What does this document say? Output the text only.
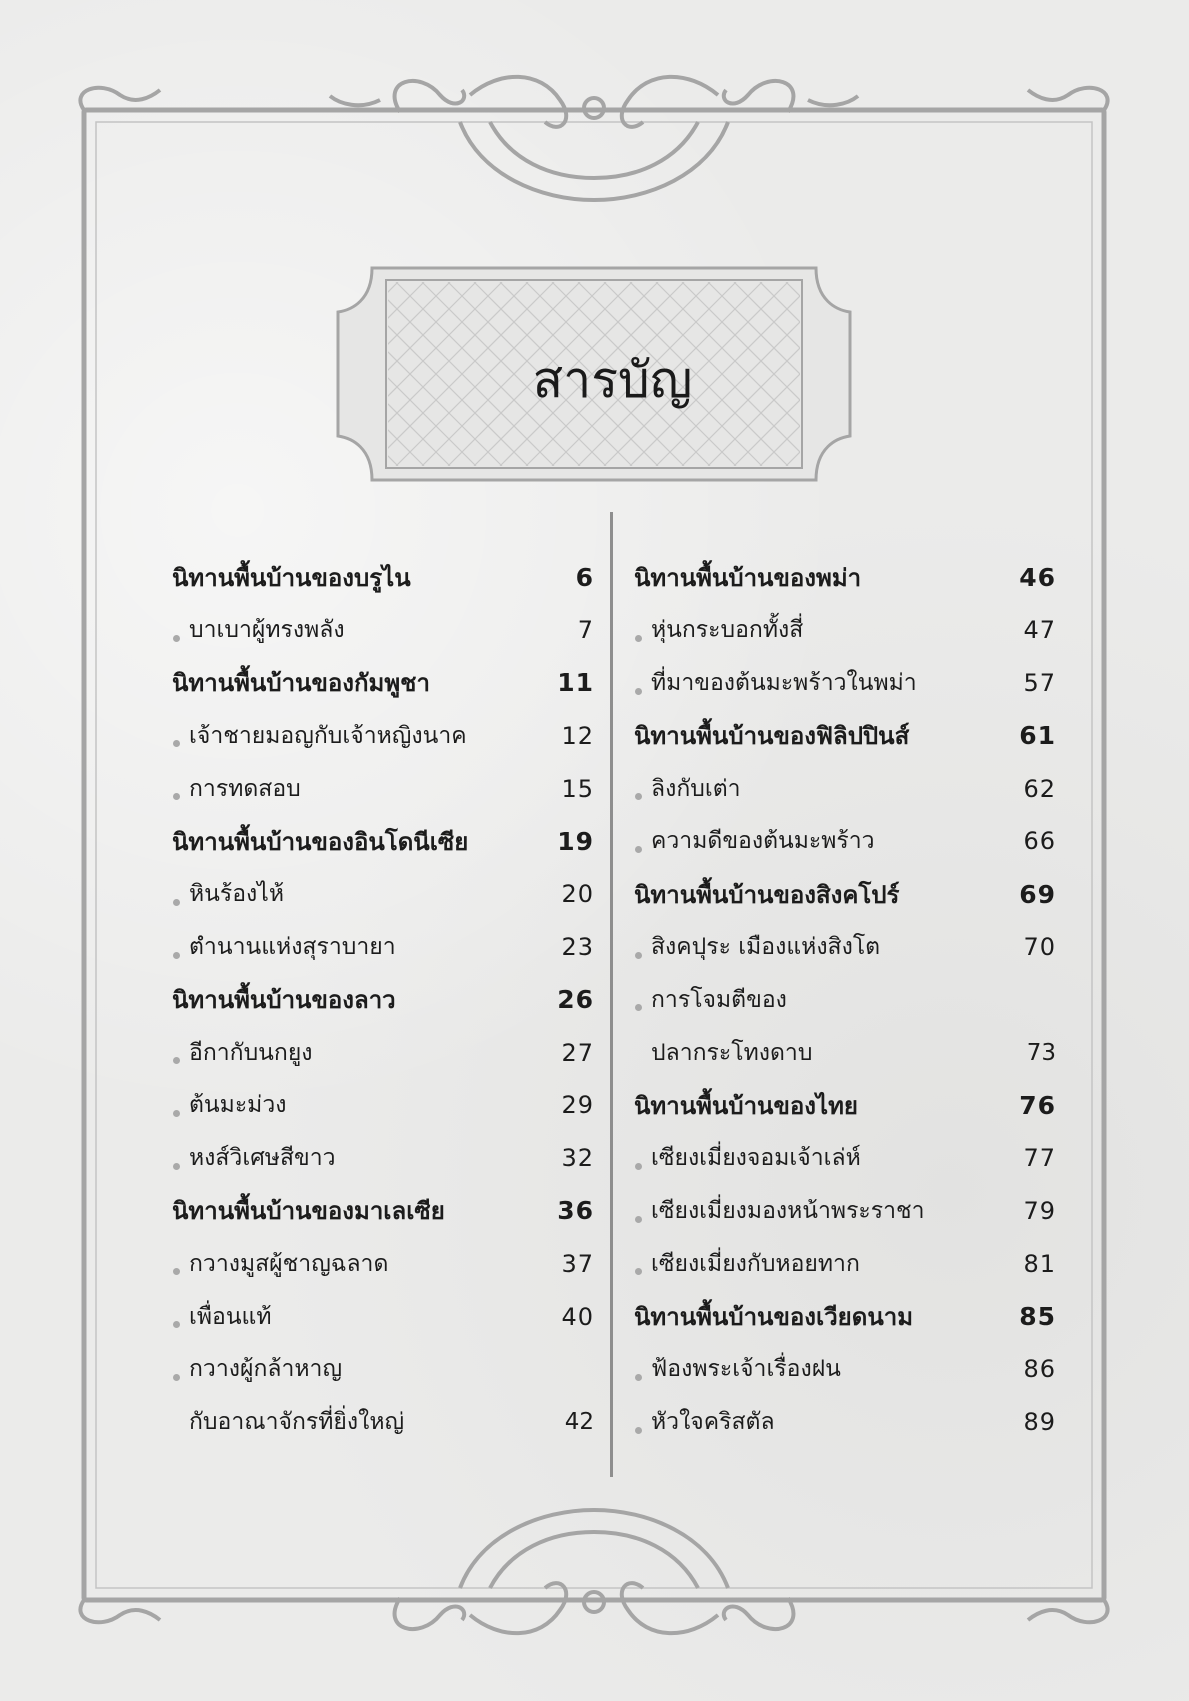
สารบัญ
นิทานพื้นบ้านของบรูไน	6
บาเบาผู้ทรงพลัง	7
นิทานพื้นบ้านของกัมพูชา	11
เจ้าชายมอญกับเจ้าหญิงนาค	12
การทดสอบ	15
นิทานพื้นบ้านของอินโดนีเซีย	19
หินร้องไห้	20
ตำนานแห่งสุราบายา	23
นิทานพื้นบ้านของลาว	26
อีกากับนกยูง	27
ต้นมะม่วง	29
หงส์วิเศษสีขาว	32
นิทานพื้นบ้านของมาเลเซีย	36
กวางมูสผู้ชาญฉลาด	37
เพื่อนแท้	40
กวางผู้กล้าหาญ
กับอาณาจักรที่ยิ่งใหญ่	42
นิทานพื้นบ้านของพม่า	46
หุ่นกระบอกทั้งสี่	47
ที่มาของต้นมะพร้าวในพม่า	57
นิทานพื้นบ้านของฟิลิปปินส์	61
ลิงกับเต่า	62
ความดีของต้นมะพร้าว	66
นิทานพื้นบ้านของสิงคโปร์	69
สิงคปุระ เมืองแห่งสิงโต	70
การโจมตีของ
ปลากระโทงดาบ	73
นิทานพื้นบ้านของไทย	76
เซียงเมี่ยงจอมเจ้าเล่ห์	77
เซียงเมี่ยงมองหน้าพระราชา	79
เซียงเมี่ยงกับหอยทาก	81
นิทานพื้นบ้านของเวียดนาม	85
ฟ้องพระเจ้าเรื่องฝน	86
หัวใจคริสตัล	89
